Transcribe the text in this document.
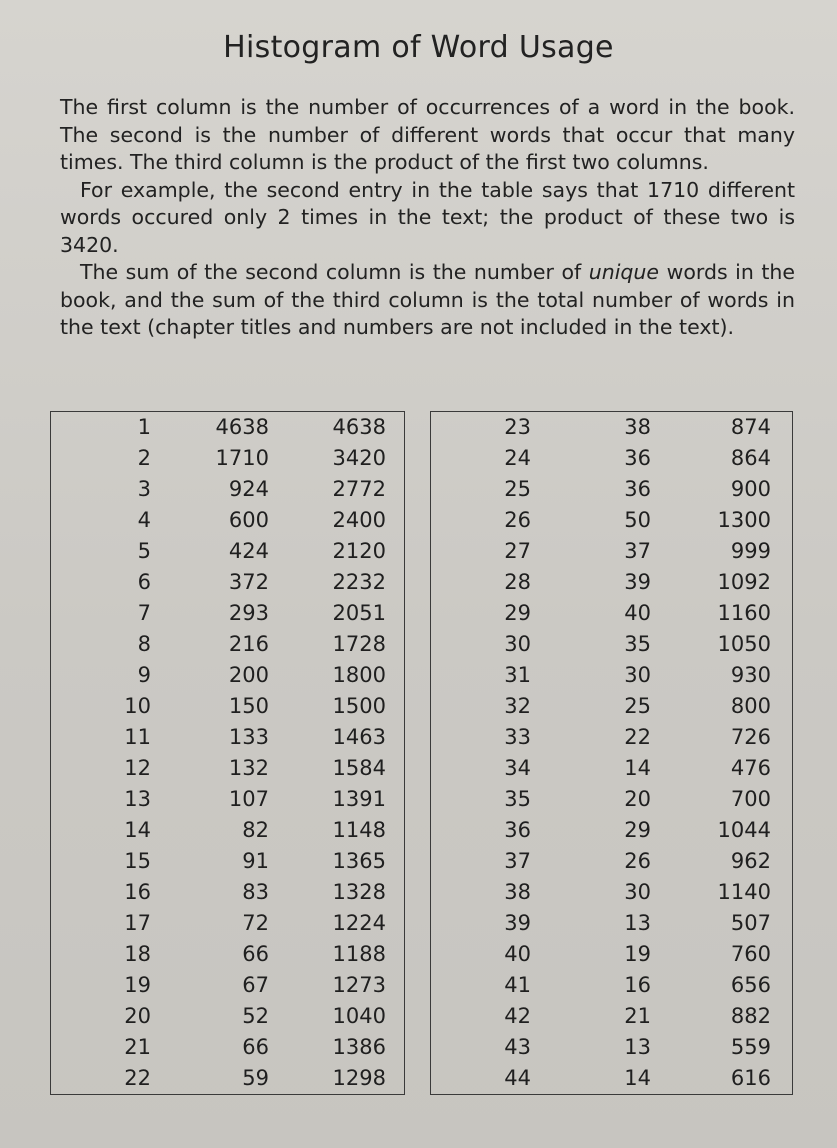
Histogram of Word Usage

The first column is the number of occurrences of a word in the book. The second is the number of different words that occur that many times. The third column is the product of the first two columns.

For example, the second entry in the table says that 1710 different words occured only 2 times in the text; the product of these two is 3420.

The sum of the second column is the number of unique words in the book, and the sum of the third column is the total number of words in the text (chapter titles and numbers are not included in the text).

1	4638	4638
2	1710	3420
3	924	2772
4	600	2400
5	424	2120
6	372	2232
7	293	2051
8	216	1728
9	200	1800
10	150	1500
11	133	1463
12	132	1584
13	107	1391
14	82	1148
15	91	1365
16	83	1328
17	72	1224
18	66	1188
19	67	1273
20	52	1040
21	66	1386
22	59	1298
23	38	874
24	36	864
25	36	900
26	50	1300
27	37	999
28	39	1092
29	40	1160
30	35	1050
31	30	930
32	25	800
33	22	726
34	14	476
35	20	700
36	29	1044
37	26	962
38	30	1140
39	13	507
40	19	760
41	16	656
42	21	882
43	13	559
44	14	616
